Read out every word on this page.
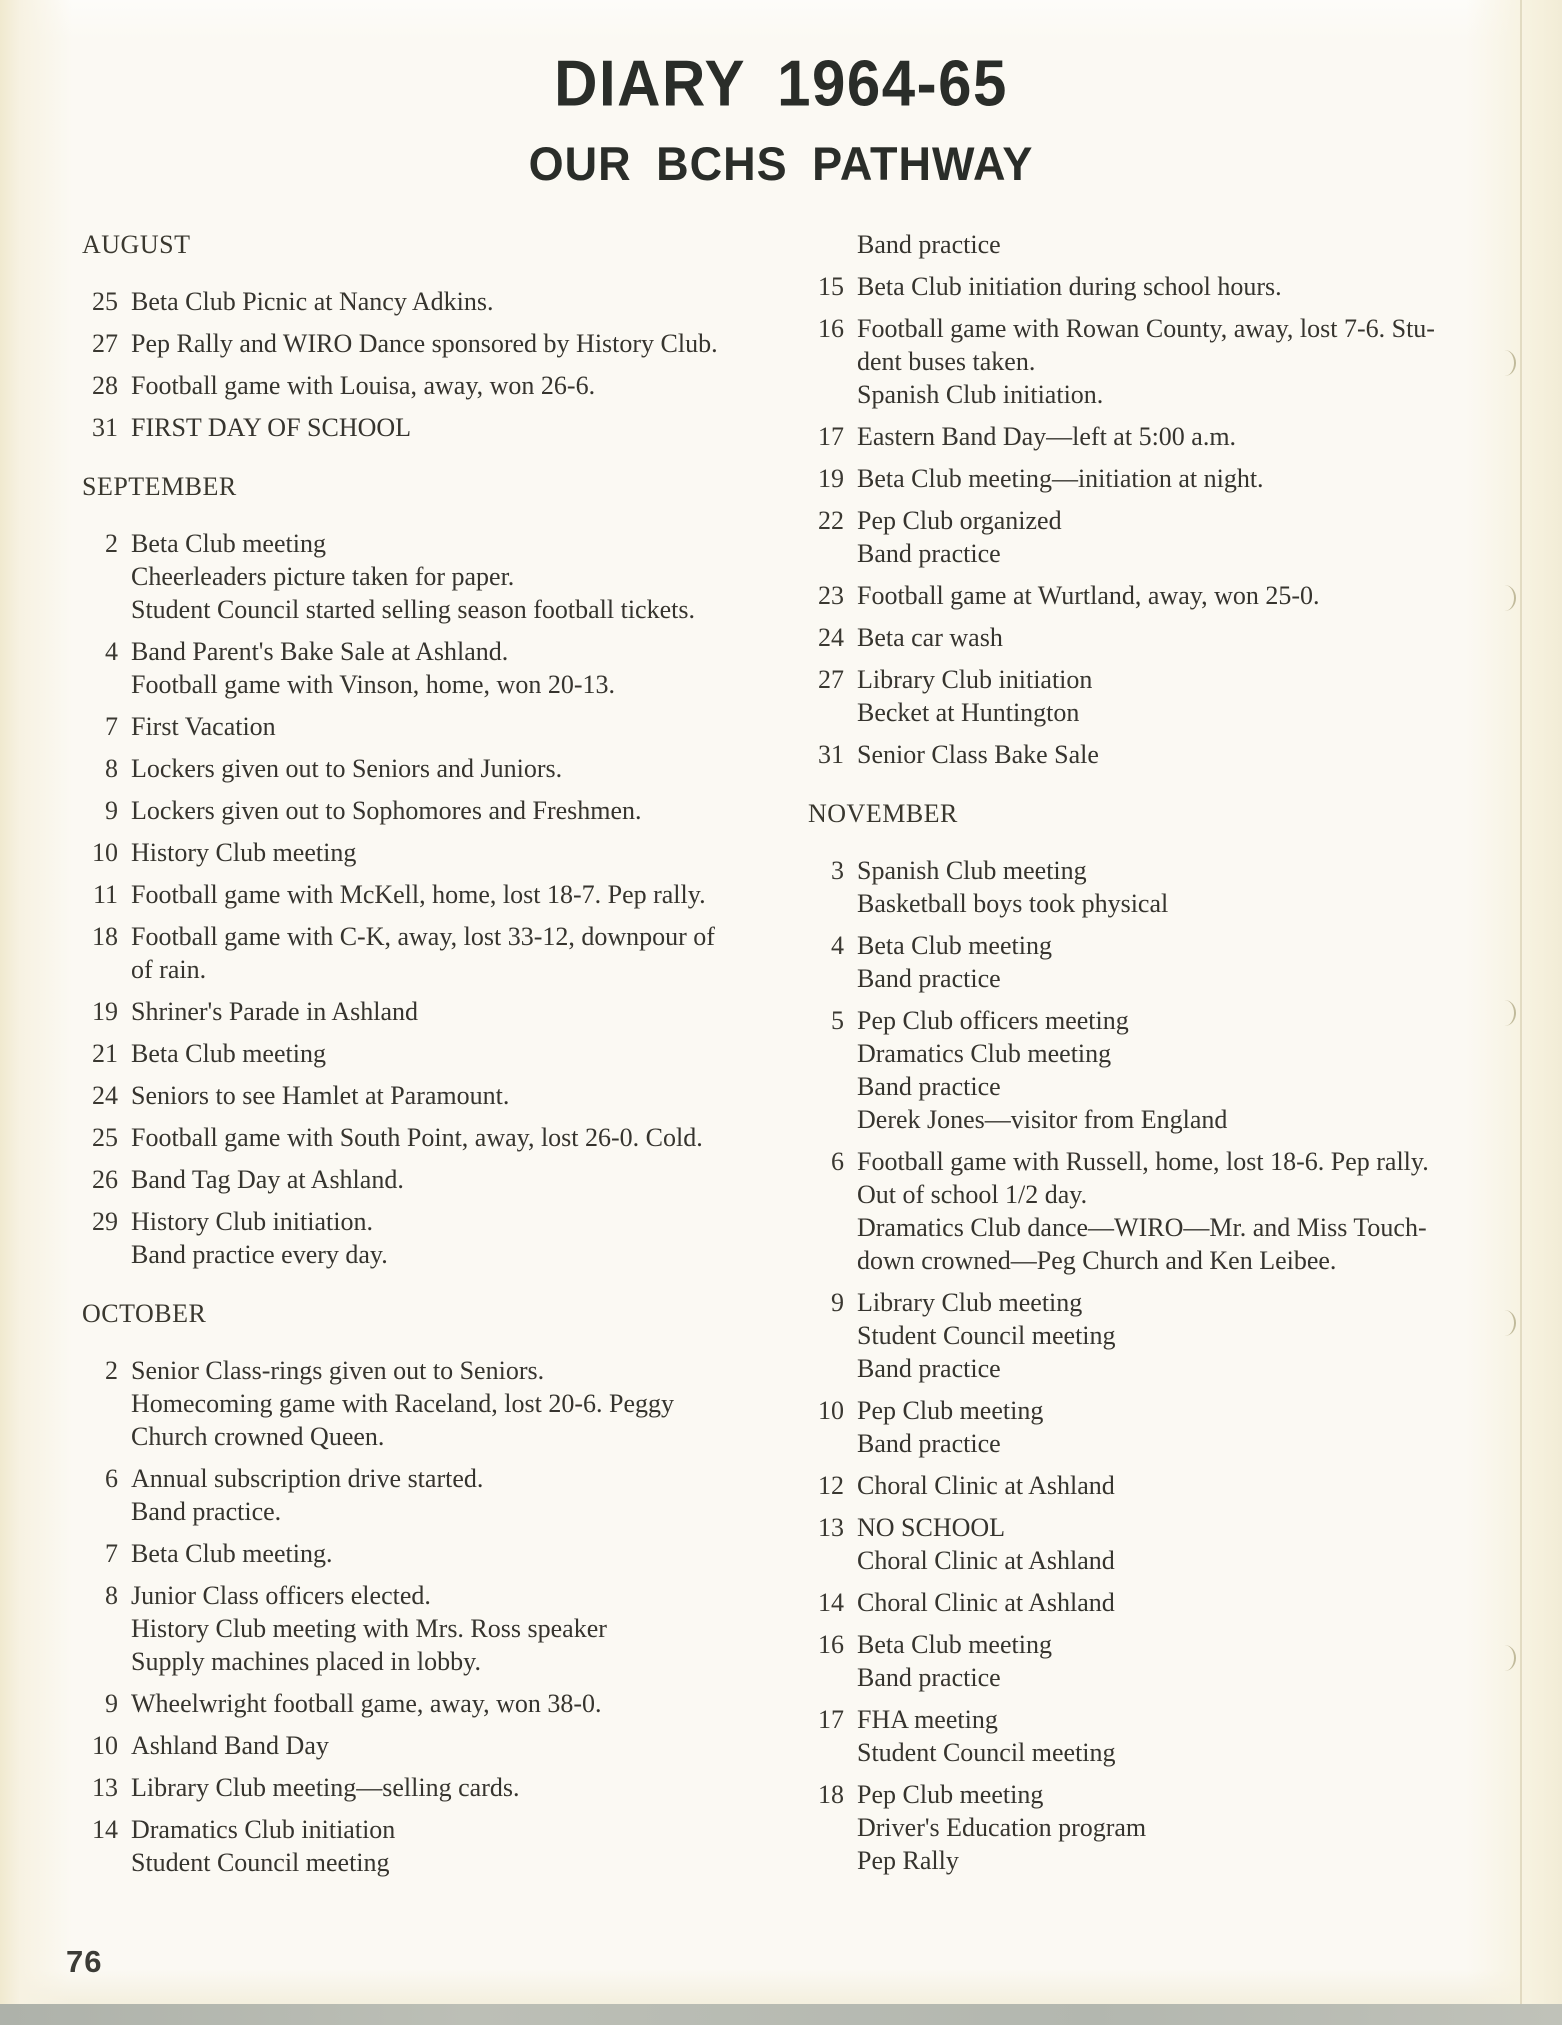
DIARY 1964-65
OUR BCHS PATHWAY
AUGUST
25 Beta Club Picnic at Nancy Adkins.
27 Pep Rally and WIRO Dance sponsored by History Club.
28 Football game with Louisa, away, won 26-6.
31 FIRST DAY OF SCHOOL
SEPTEMBER
2 Beta Club meeting
Cheerleaders picture taken for paper.
Student Council started selling season football tickets.
4 Band Parent's Bake Sale at Ashland.
Football game with Vinson, home, won 20-13.
7 First Vacation
8 Lockers given out to Seniors and Juniors.
9 Lockers given out to Sophomores and Freshmen.
10 History Club meeting
11 Football game with McKell, home, lost 18-7. Pep rally.
18 Football game with C-K, away, lost 33-12, downpour of
of rain.
19 Shriner's Parade in Ashland
21 Beta Club meeting
24 Seniors to see Hamlet at Paramount.
25 Football game with South Point, away, lost 26-0. Cold.
26 Band Tag Day at Ashland.
29 History Club initiation.
Band practice every day.
OCTOBER
2 Senior Class-rings given out to Seniors.
Homecoming game with Raceland, lost 20-6. Peggy
Church crowned Queen.
6 Annual subscription drive started.
Band practice.
7 Beta Club meeting.
8 Junior Class officers elected.
History Club meeting with Mrs. Ross speaker
Supply machines placed in lobby.
9 Wheelwright football game, away, won 38-0.
10 Ashland Band Day
13 Library Club meeting—selling cards.
14 Dramatics Club initiation
Student Council meeting
Band practice
15 Beta Club initiation during school hours.
16 Football game with Rowan County, away, lost 7-6. Stu-
dent buses taken.
Spanish Club initiation.
17 Eastern Band Day—left at 5:00 a.m.
19 Beta Club meeting—initiation at night.
22 Pep Club organized
Band practice
23 Football game at Wurtland, away, won 25-0.
24 Beta car wash
27 Library Club initiation
Becket at Huntington
31 Senior Class Bake Sale
NOVEMBER
3 Spanish Club meeting
Basketball boys took physical
4 Beta Club meeting
Band practice
5 Pep Club officers meeting
Dramatics Club meeting
Band practice
Derek Jones—visitor from England
6 Football game with Russell, home, lost 18-6. Pep rally.
Out of school 1/2 day.
Dramatics Club dance—WIRO—Mr. and Miss Touch-
down crowned—Peg Church and Ken Leibee.
9 Library Club meeting
Student Council meeting
Band practice
10 Pep Club meeting
Band practice
12 Choral Clinic at Ashland
13 NO SCHOOL
Choral Clinic at Ashland
14 Choral Clinic at Ashland
16 Beta Club meeting
Band practice
17 FHA meeting
Student Council meeting
18 Pep Club meeting
Driver's Education program
Pep Rally
76
